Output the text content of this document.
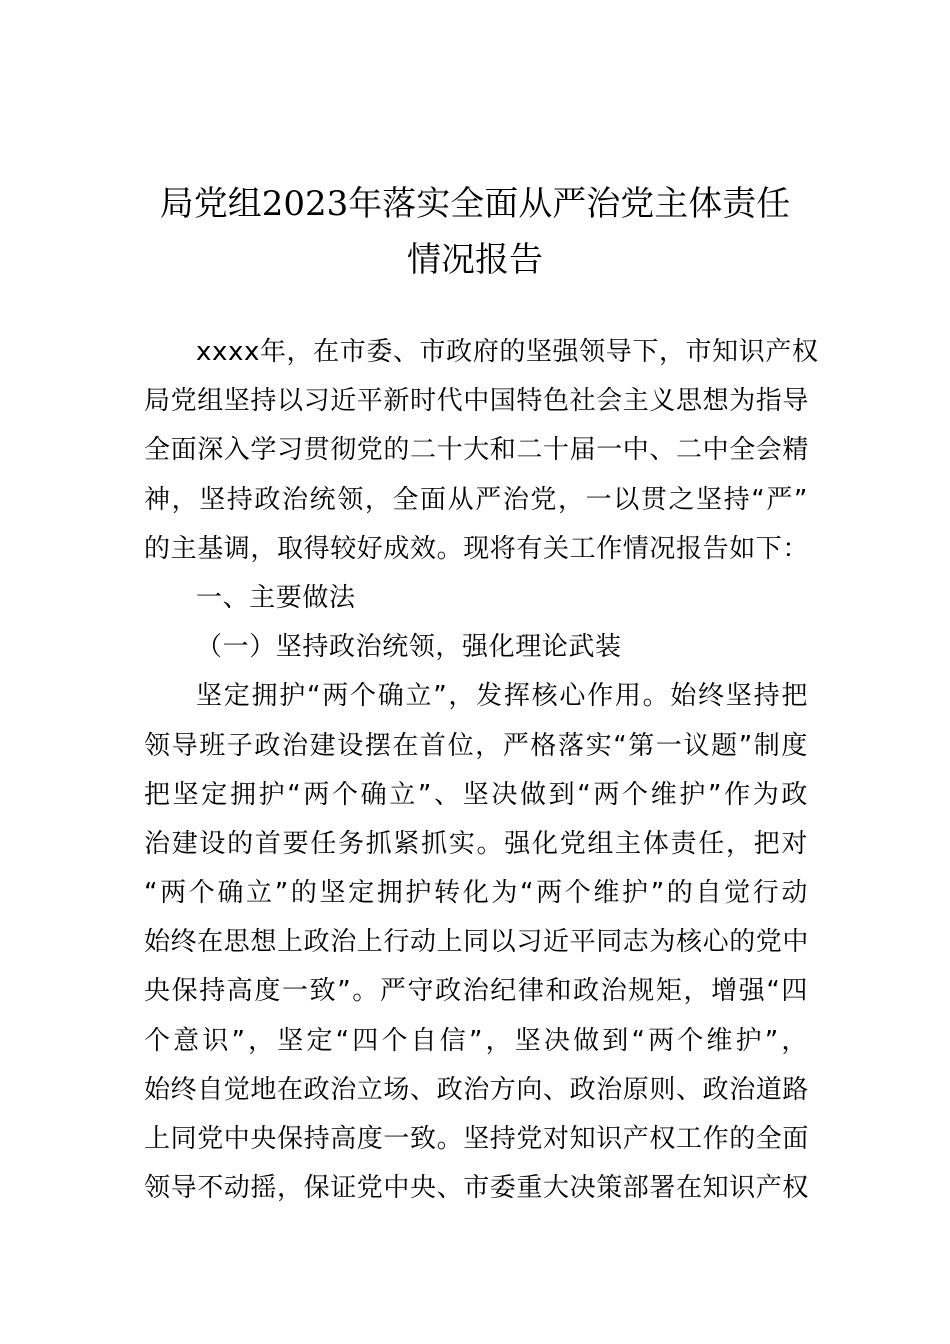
局党组2023年落实全面从严治党主体责任
情况报告
xxxx年，在市委、市政府的坚强领导下，市知识产权
局党组坚持以习近平新时代中国特色社会主义思想为指导
全面深入学习贯彻党的二十大和二十届一中、二中全会精
神，坚持政治统领，全面从严治党，一以贯之坚持“严”
的主基调，取得较好成效。现将有关工作情况报告如下：
一、主要做法
（一）坚持政治统领，强化理论武装
坚定拥护“两个确立”，发挥核心作用。始终坚持把
领导班子政治建设摆在首位，严格落实“第一议题”制度
把坚定拥护“两个确立”、坚决做到“两个维护”作为政
治建设的首要任务抓紧抓实。强化党组主体责任，把对
“两个确立”的坚定拥护转化为“两个维护”的自觉行动
始终在思想上政治上行动上同以习近平同志为核心的党中
央保持高度一致”。严守政治纪律和政治规矩，增强“四
个意识”，坚定“四个自信”，坚决做到“两个维护”，
始终自觉地在政治立场、政治方向、政治原则、政治道路
上同党中央保持高度一致。坚持党对知识产权工作的全面
领导不动摇，保证党中央、市委重大决策部署在知识产权
